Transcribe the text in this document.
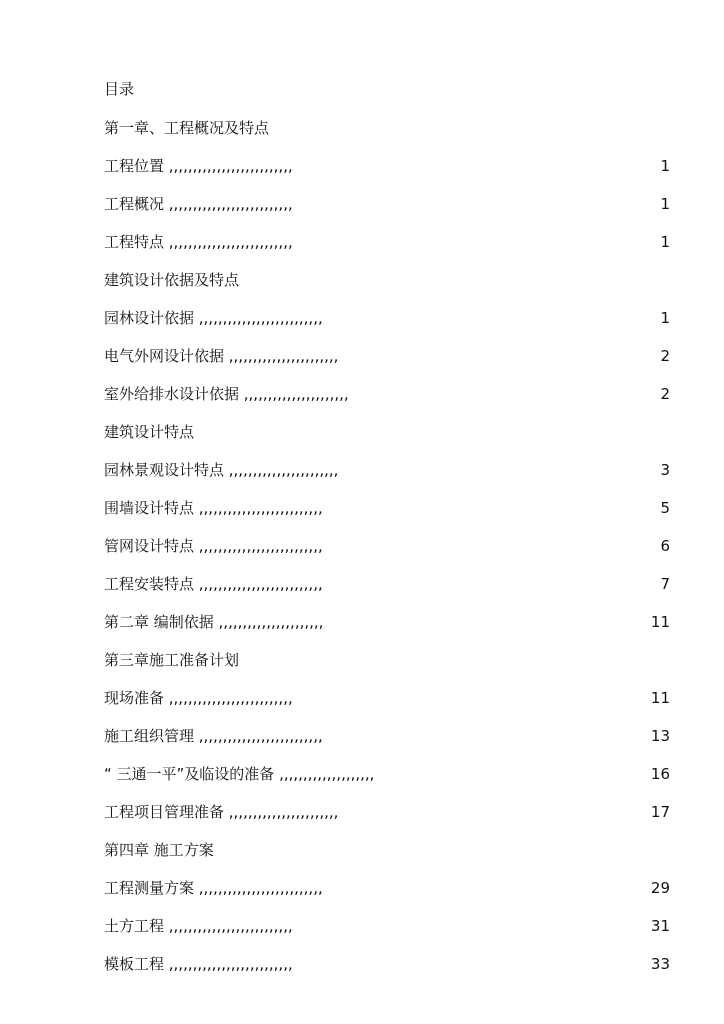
目录
第一章、工程概况及特点
工程位置 ,,,,,,,,,,,,,,,,,,,,,,,,,,	1
工程概况 ,,,,,,,,,,,,,,,,,,,,,,,,,,	1
工程特点 ,,,,,,,,,,,,,,,,,,,,,,,,,,	1
建筑设计依据及特点
园林设计依据 ,,,,,,,,,,,,,,,,,,,,,,,,,,	1
电气外网设计依据 ,,,,,,,,,,,,,,,,,,,,,,,	2
室外给排水设计依据 ,,,,,,,,,,,,,,,,,,,,,,	2
建筑设计特点
园林景观设计特点 ,,,,,,,,,,,,,,,,,,,,,,,	3
围墙设计特点 ,,,,,,,,,,,,,,,,,,,,,,,,,,	5
管网设计特点 ,,,,,,,,,,,,,,,,,,,,,,,,,,	6
工程安装特点 ,,,,,,,,,,,,,,,,,,,,,,,,,,	7
第二章 编制依据 ,,,,,,,,,,,,,,,,,,,,,,	11
第三章施工准备计划
现场准备 ,,,,,,,,,,,,,,,,,,,,,,,,,,	11
施工组织管理 ,,,,,,,,,,,,,,,,,,,,,,,,,,	13
“ 三通一平”及临设的准备 ,,,,,,,,,,,,,,,,,,,,	16
工程项目管理准备 ,,,,,,,,,,,,,,,,,,,,,,,	17
第四章 施工方案
工程测量方案 ,,,,,,,,,,,,,,,,,,,,,,,,,,	29
土方工程 ,,,,,,,,,,,,,,,,,,,,,,,,,,	31
模板工程 ,,,,,,,,,,,,,,,,,,,,,,,,,,	33
